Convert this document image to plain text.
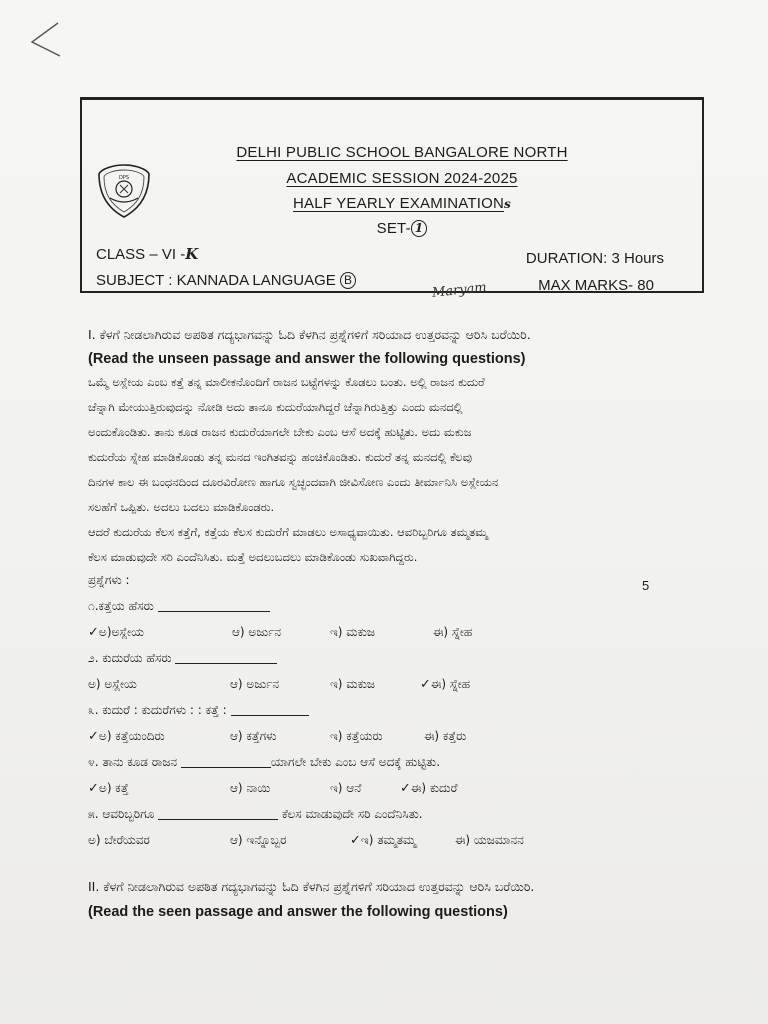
DPS
DELHI PUBLIC SCHOOL BANGALORE NORTH
ACADEMIC SESSION 2024-2025
HALF YEARLY EXAMINATIONs
SET- 1
CLASS – VI -K
SUBJECT : KANNADA LANGUAGE B
DURATION: 3 Hours
MAX MARKS- 80
Maryam
I. ಕೆಳಗೆ ನೀಡಲಾಗಿರುವ ಅಪಠಿತ ಗದ್ಯಭಾಗವನ್ನು ಓದಿ ಕೆಳಗಿನ ಪ್ರಶ್ನೆಗಳಿಗೆ ಸರಿಯಾದ ಉತ್ತರವನ್ನು ಆರಿಸಿ ಬರೆಯಿರಿ.
(Read the unseen passage and answer the following questions)
ಒಮ್ಮೆ ಅಸ್ಲೇಯ ಎಂಬ ಕತ್ತೆ ತನ್ನ ಮಾಲೀಕನೊಂದಿಗೆ ರಾಜನ ಬಟ್ಟೆಗಳನ್ನು ಕೊಡಲು ಬಂತು. ಅಲ್ಲಿ ರಾಜನ ಕುದುರೆ
ಚೆನ್ನಾಗಿ ಮೇಯುತ್ತಿರುವುದನ್ನು ನೋಡಿ ಅದು ತಾನೂ ಕುದುರೆಯಾಗಿದ್ದರೆ ಚೆನ್ನಾಗಿರುತ್ತಿತ್ತು ಎಂದು ಮನದಲ್ಲಿ
ಅಂದುಕೊಂಡಿತು. ತಾನು ಕೂಡ ರಾಜನ ಕುದುರೆಯಾಗಲೇ ಬೇಕು ಎಂಬ ಆಸೆ ಅದಕ್ಕೆ ಹುಟ್ಟಿತು. ಅದು ಮಕುಜ
ಕುದುರೆಯ ಸ್ನೇಹ ಮಾಡಿಕೊಂಡು ತನ್ನ ಮನದ ಇಂಗಿತವನ್ನು ಹಂಚಿಕೊಂಡಿತು. ಕುದುರೆ ತನ್ನ ಮನದಲ್ಲಿ ಕೆಲವು
ದಿನಗಳ ಕಾಲ ಈ ಬಂಧನದಿಂದ ದೂರವಿರೋಣ ಹಾಗೂ ಸ್ವಚ್ಛಂದವಾಗಿ ಜೀವಿಸೋಣ ಎಂದು ತೀರ್ಮಾನಿಸಿ ಅಸ್ಲೇಯನ
ಸಲಹೆಗೆ ಒಪ್ಪಿತು. ಅದಲು ಬದಲು ಮಾಡಿಕೊಂಡರು.
ಆದರೆ ಕುದುರೆಯ ಕೆಲಸ ಕತ್ತೆಗೆ, ಕತ್ತೆಯ ಕೆಲಸ ಕುದುರೆಗೆ ಮಾಡಲು ಅಸಾಧ್ಯವಾಯಿತು. ಆವರಿಬ್ಬರಿಗೂ ತಮ್ಮತಮ್ಮ
ಕೆಲಸ ಮಾಡುವುದೇ ಸರಿ ಎಂದೆನಿಸಿತು. ಮತ್ತೆ ಅದಲುಬದಲು ಮಾಡಿಕೊಂಡು ಸುಖವಾಗಿದ್ದರು.
ಪ್ರಶ್ನೆಗಳು :	5
೧.ಕತ್ತೆಯ ಹೆಸರು
✓ಅ)ಅಸ್ಲೇಯ	ಆ) ಅರ್ಜುನ	ಇ) ಮಕುಜ	ಈ) ಸ್ನೇಹ
೨. ಕುದುರೆಯ ಹೆಸರು
ಅ) ಅಸ್ಲೇಯ	ಆ) ಅರ್ಜುನ	ಇ) ಮಕುಜ	✓ಈ) ಸ್ನೇಹ
೩. ಕುದುರೆ : ಕುದುರೆಗಳು : : ಕತ್ತೆ :
✓ಅ) ಕತ್ತೆಯಂದಿರು	ಆ) ಕತ್ತೆಗಳು	ಇ) ಕತ್ತೆಯರು	ಈ) ಕತ್ತೆರು
೪. ತಾನು ಕೂಡ ರಾಜನ	ಯಾಗಲೇ ಬೇಕು ಎಂಬ ಆಸೆ ಅದಕ್ಕೆ ಹುಟ್ಟಿತು.
✓ಅ) ಕತ್ತೆ	ಆ) ನಾಯಿ	ಇ) ಆನೆ	✓ಈ) ಕುದುರೆ
೫. ಆವರಿಬ್ಬರಿಗೂ	ಕೆಲಸ ಮಾಡುವುದೇ ಸರಿ ಎಂದೆನಿಸಿತು.
ಅ) ಬೇರೆಯವರ	ಆ) ಇನ್ನೊಬ್ಬರ	✓ಇ) ತಮ್ಮತಮ್ಮ	ಈ) ಯಜಮಾನನ
II. ಕೆಳಗೆ ನೀಡಲಾಗಿರುವ ಅಪಠಿತ ಗದ್ಯಭಾಗವನ್ನು ಓದಿ ಕೆಳಗಿನ ಪ್ರಶ್ನೆಗಳಿಗೆ ಸರಿಯಾದ ಉತ್ತರವನ್ನು ಆರಿಸಿ ಬರೆಯಿರಿ.
(Read the seen passage and answer the following questions)
